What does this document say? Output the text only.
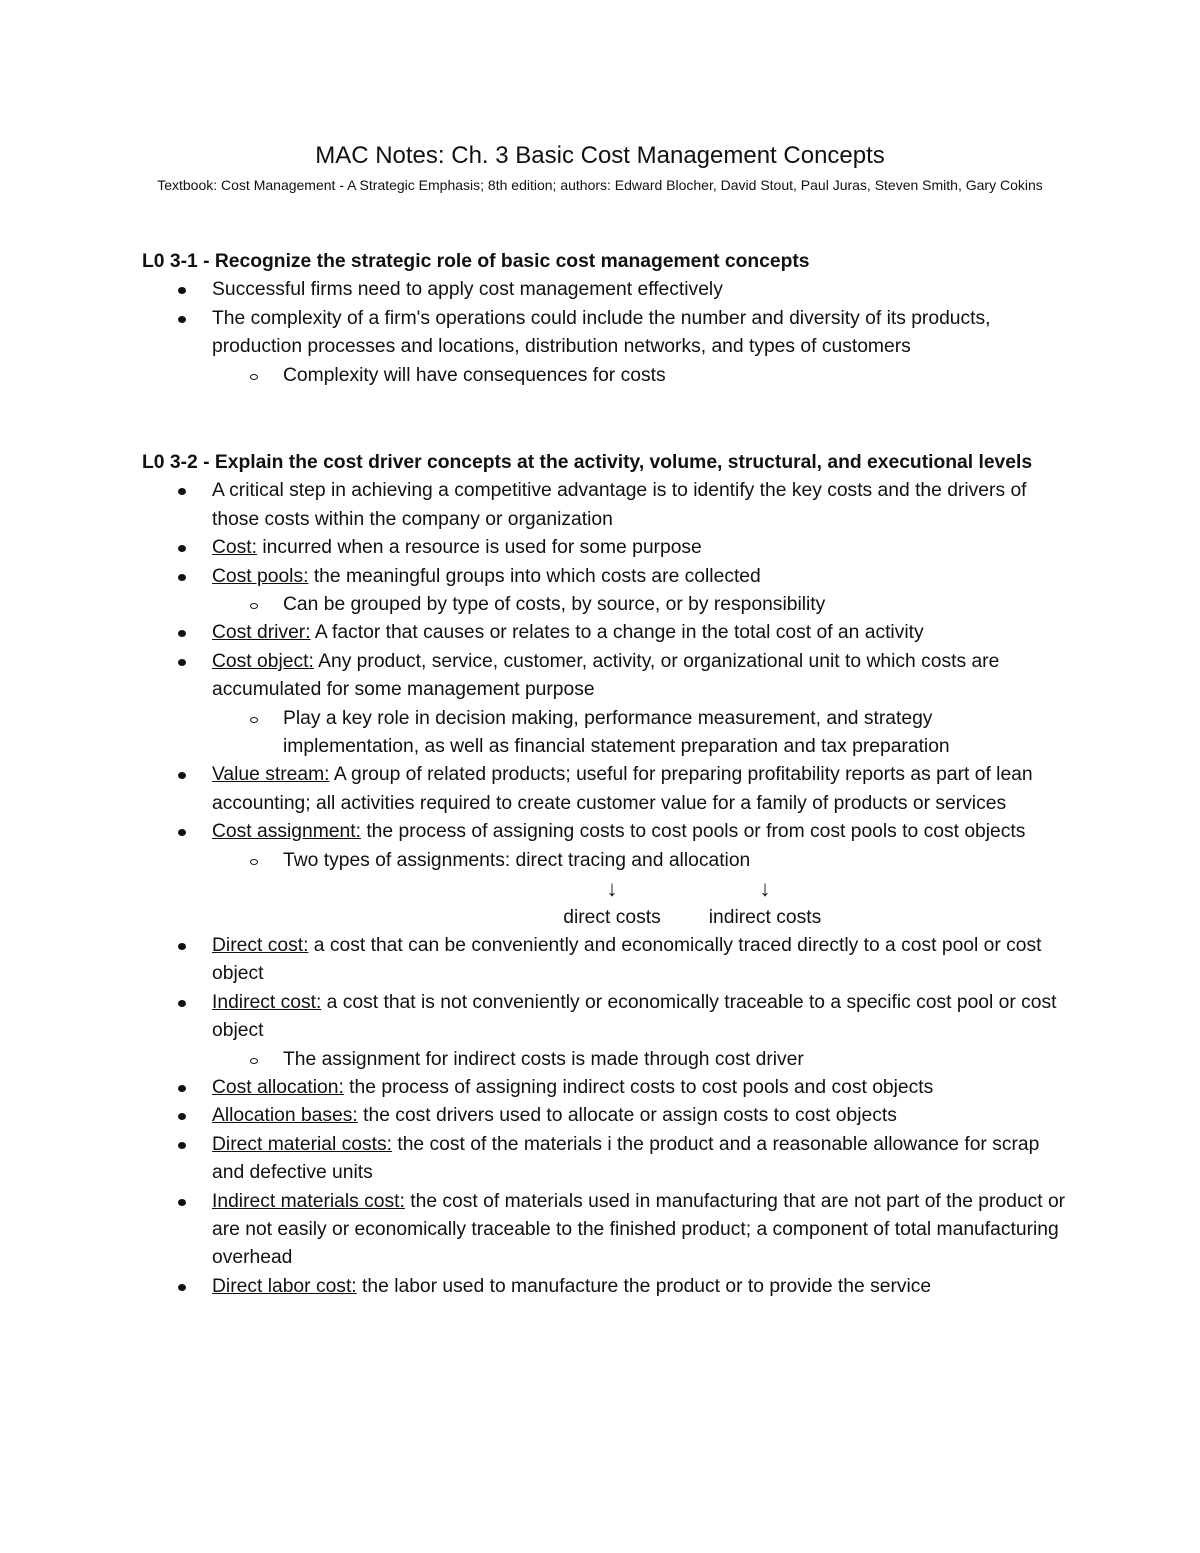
MAC Notes: Ch. 3 Basic Cost Management Concepts
Textbook: Cost Management - A Strategic Emphasis; 8th edition; authors: Edward Blocher, David Stout, Paul Juras, Steven Smith, Gary Cokins

L0 3-1 - Recognize the strategic role of basic cost management concepts

Successful firms need to apply cost management effectively
The complexity of a firm's operations could include the number and diversity of its products, production processes and locations, distribution networks, and types of customers
Complexity will have consequences for costs

L0 3-2 - Explain the cost driver concepts at the activity, volume, structural, and executional levels

A critical step in achieving a competitive advantage is to identify the key costs and the drivers of those costs within the company or organization
Cost: incurred when a resource is used for some purpose
Cost pools: the meaningful groups into which costs are collected
Can be grouped by type of costs, by source, or by responsibility
Cost driver: A factor that causes or relates to a change in the total cost of an activity
Cost object: Any product, service, customer, activity, or organizational unit to which costs are accumulated for some management purpose
Play a key role in decision making, performance measurement, and strategy implementation, as well as financial statement preparation and tax preparation
Value stream: A group of related products; useful for preparing profitability reports as part of lean accounting; all activities required to create customer value for a family of products or services
Cost assignment: the process of assigning costs to cost pools or from cost pools to cost objects
Two types of assignments: direct tracing and allocation
↓
direct costs
↓
indirect costs
Direct cost: a cost that can be conveniently and economically traced directly to a cost pool or cost object
Indirect cost: a cost that is not conveniently or economically traceable to a specific cost pool or cost object
The assignment for indirect costs is made through cost driver
Cost allocation: the process of assigning indirect costs to cost pools and cost objects
Allocation bases: the cost drivers used to allocate or assign costs to cost objects
Direct material costs: the cost of the materials i the product and a reasonable allowance for scrap and defective units
Indirect materials cost: the cost of materials used in manufacturing that are not part of the product or are not easily or economically traceable to the finished product; a component of total manufacturing overhead
Direct labor cost: the labor used to manufacture the product or to provide the service
